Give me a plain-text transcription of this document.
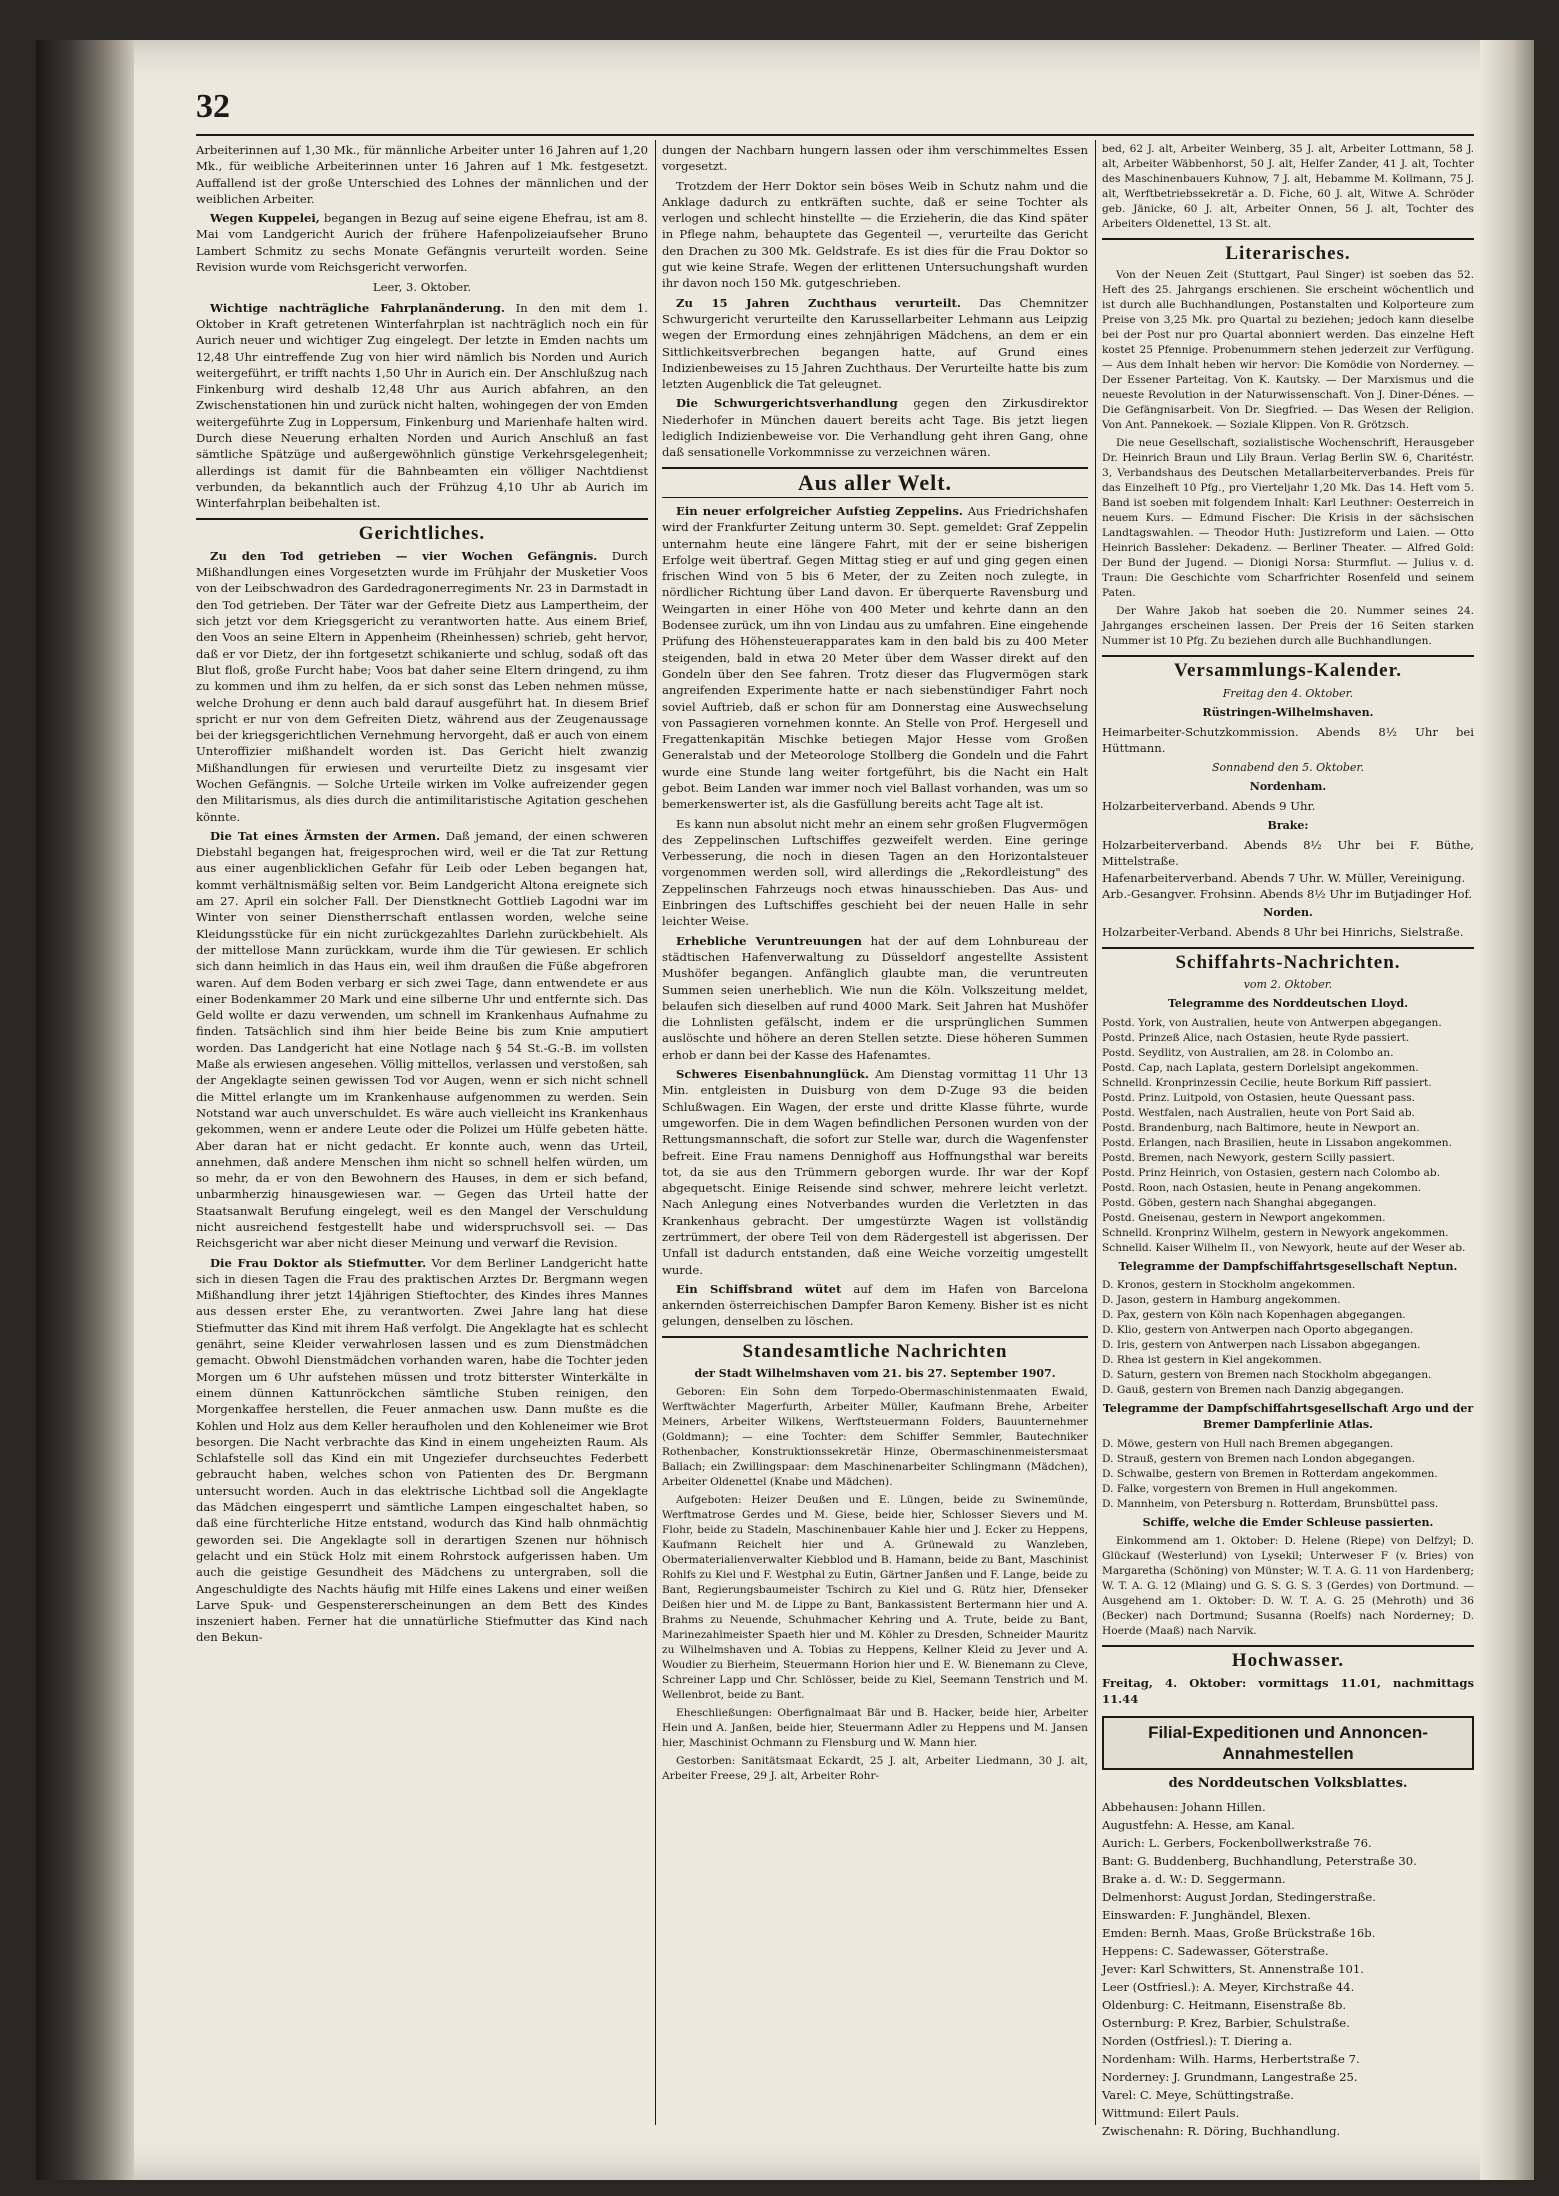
32

Arbeiterinnen auf 1,30 Mk., für männliche Arbeiter unter 16 Jahren auf 1,20 Mk., für weibliche Arbeiterinnen unter 16 Jahren auf 1 Mk. festgesetzt. Auffallend ist der große Unterschied des Lohnes der männlichen und der weiblichen Arbeiter.

Wegen Kuppelei, begangen in Bezug auf seine eigene Ehefrau, ist am 8. Mai vom Landgericht Aurich der frühere Hafenpolizeiaufseher Bruno Lambert Schmitz zu sechs Monate Gefängnis verurteilt worden. Seine Revision wurde vom Reichsgericht verworfen.

Leer, 3. Oktober.

Wichtige nachträgliche Fahrplanänderung. In den mit dem 1. Oktober in Kraft getretenen Winterfahrplan ist nachträglich noch ein für Aurich neuer und wichtiger Zug eingelegt. Der letzte in Emden nachts um 12,48 Uhr eintreffende Zug von hier wird nämlich bis Norden und Aurich weitergeführt, er trifft nachts 1,50 Uhr in Aurich ein. Der Anschlußzug nach Finkenburg wird deshalb 12,48 Uhr aus Aurich abfahren, an den Zwischenstationen hin und zurück nicht halten, wohingegen der von Emden weitergeführte Zug in Loppersum, Finkenburg und Marienhafe halten wird. Durch diese Neuerung erhalten Norden und Aurich Anschluß an fast sämtliche Spätzüge und außergewöhnlich günstige Verkehrsgelegenheit; allerdings ist damit für die Bahnbeamten ein völliger Nachtdienst verbunden, da bekanntlich auch der Frühzug 4,10 Uhr ab Aurich im Winterfahrplan beibehalten ist.

Gerichtliches.

Zu den Tod getrieben — vier Wochen Gefängnis. Durch Mißhandlungen eines Vorgesetzten wurde im Frühjahr der Musketier Voos von der Leibschwadron des Gardedragonerregiments Nr. 23 in Darmstadt in den Tod getrieben. Der Täter war der Gefreite Dietz aus Lampertheim, der sich jetzt vor dem Kriegsgericht zu verantworten hatte. Aus einem Brief, den Voos an seine Eltern in Appenheim (Rheinhessen) schrieb, geht hervor, daß er vor Dietz, der ihn fortgesetzt schikanierte und schlug, sodaß oft das Blut floß, große Furcht habe; Voos bat daher seine Eltern dringend, zu ihm zu kommen und ihm zu helfen, da er sich sonst das Leben nehmen müsse, welche Drohung er denn auch bald darauf ausgeführt hat. In diesem Brief spricht er nur von dem Gefreiten Dietz, während aus der Zeugenaussage bei der kriegsgerichtlichen Vernehmung hervorgeht, daß er auch von einem Unteroffizier mißhandelt worden ist. Das Gericht hielt zwanzig Mißhandlungen für erwiesen und verurteilte Dietz zu insgesamt vier Wochen Gefängnis. — Solche Urteile wirken im Volke aufreizender gegen den Militarismus, als dies durch die antimilitaristische Agitation geschehen könnte.

Die Tat eines Ärmsten der Armen. Daß jemand, der einen schweren Diebstahl begangen hat, freigesprochen wird, weil er die Tat zur Rettung aus einer augenblicklichen Gefahr für Leib oder Leben begangen hat, kommt verhältnismäßig selten vor. Beim Landgericht Altona ereignete sich am 27. April ein solcher Fall. Der Dienstknecht Gottlieb Lagodni war im Winter von seiner Dienstherrschaft entlassen worden, welche seine Kleidungsstücke für ein nicht zurückgezahltes Darlehn zurückbehielt. Als der mittellose Mann zurückkam, wurde ihm die Tür gewiesen. Er schlich sich dann heimlich in das Haus ein, weil ihm draußen die Füße abgefroren waren. Auf dem Boden verbarg er sich zwei Tage, dann entwendete er aus einer Bodenkammer 20 Mark und eine silberne Uhr und entfernte sich. Das Geld wollte er dazu verwenden, um schnell im Krankenhaus Aufnahme zu finden. Tatsächlich sind ihm hier beide Beine bis zum Knie amputiert worden. Das Landgericht hat eine Notlage nach § 54 St.-G.-B. im vollsten Maße als erwiesen angesehen. Völlig mittellos, verlassen und verstoßen, sah der Angeklagte seinen gewissen Tod vor Augen, wenn er sich nicht schnell die Mittel erlangte um im Krankenhause aufgenommen zu werden. Sein Notstand war auch unverschuldet. Es wäre auch vielleicht ins Krankenhaus gekommen, wenn er andere Leute oder die Polizei um Hülfe gebeten hätte. Aber daran hat er nicht gedacht. Er konnte auch, wenn das Urteil, annehmen, daß andere Menschen ihm nicht so schnell helfen würden, um so mehr, da er von den Bewohnern des Hauses, in dem er sich befand, unbarmherzig hinausgewiesen war. — Gegen das Urteil hatte der Staatsanwalt Berufung eingelegt, weil es den Mangel der Verschuldung nicht ausreichend festgestellt habe und widerspruchsvoll sei. — Das Reichsgericht war aber nicht dieser Meinung und verwarf die Revision.

Die Frau Doktor als Stiefmutter. Vor dem Berliner Landgericht hatte sich in diesen Tagen die Frau des praktischen Arztes Dr. Bergmann wegen Mißhandlung ihrer jetzt 14jährigen Stieftochter, des Kindes ihres Mannes aus dessen erster Ehe, zu verantworten. Zwei Jahre lang hat diese Stiefmutter das Kind mit ihrem Haß verfolgt. Die Angeklagte hat es schlecht genährt, seine Kleider verwahrlosen lassen und es zum Dienstmädchen gemacht. Obwohl Dienstmädchen vorhanden waren, habe die Tochter jeden Morgen um 6 Uhr aufstehen müssen und trotz bitterster Winterkälte in einem dünnen Kattunröckchen sämtliche Stuben reinigen, den Morgenkaffee herstellen, die Feuer anmachen usw. Dann mußte es die Kohlen und Holz aus dem Keller heraufholen und den Kohleneimer wie Brot besorgen. Die Nacht verbrachte das Kind in einem ungeheizten Raum. Als Schlafstelle soll das Kind ein mit Ungeziefer durchseuchtes Federbett gebraucht haben, welches schon von Patienten des Dr. Bergmann untersucht worden. Auch in das elektrische Lichtbad soll die Angeklagte das Mädchen eingesperrt und sämtliche Lampen eingeschaltet haben, so daß eine fürchterliche Hitze entstand, wodurch das Kind halb ohnmächtig geworden sei. Die Angeklagte soll in derartigen Szenen nur höhnisch gelacht und ein Stück Holz mit einem Rohrstock aufgerissen haben. Um auch die geistige Gesundheit des Mädchens zu untergraben, soll die Angeschuldigte des Nachts häufig mit Hilfe eines Lakens und einer weißen Larve Spuk- und Gespenstererscheinungen an dem Bett des Kindes inszeniert haben. Ferner hat die unnatürliche Stiefmutter das Kind nach den Bekun-

dungen der Nachbarn hungern lassen oder ihm verschimmeltes Essen vorgesetzt.

Trotzdem der Herr Doktor sein böses Weib in Schutz nahm und die Anklage dadurch zu entkräften suchte, daß er seine Tochter als verlogen und schlecht hinstellte — die Erzieherin, die das Kind später in Pflege nahm, behauptete das Gegenteil —, verurteilte das Gericht den Drachen zu 300 Mk. Geldstrafe. Es ist dies für die Frau Doktor so gut wie keine Strafe. Wegen der erlittenen Untersuchungshaft wurden ihr davon noch 150 Mk. gutgeschrieben.

Zu 15 Jahren Zuchthaus verurteilt. Das Chemnitzer Schwurgericht verurteilte den Karussellarbeiter Lehmann aus Leipzig wegen der Ermordung eines zehnjährigen Mädchens, an dem er ein Sittlichkeitsverbrechen begangen hatte, auf Grund eines Indizienbeweises zu 15 Jahren Zuchthaus. Der Verurteilte hatte bis zum letzten Augenblick die Tat geleugnet.

Die Schwurgerichtsverhandlung gegen den Zirkusdirektor Niederhofer in München dauert bereits acht Tage. Bis jetzt liegen lediglich Indizienbeweise vor. Die Verhandlung geht ihren Gang, ohne daß sensationelle Vorkommnisse zu verzeichnen wären.

Aus aller Welt.

Ein neuer erfolgreicher Aufstieg Zeppelins. Aus Friedrichshafen wird der Frankfurter Zeitung unterm 30. Sept. gemeldet: Graf Zeppelin unternahm heute eine längere Fahrt, mit der er seine bisherigen Erfolge weit übertraf. Gegen Mittag stieg er auf und ging gegen einen frischen Wind von 5 bis 6 Meter, der zu Zeiten noch zulegte, in nördlicher Richtung über Land davon. Er überquerte Ravensburg und Weingarten in einer Höhe von 400 Meter und kehrte dann an den Bodensee zurück, um ihn von Lindau aus zu umfahren. Eine eingehende Prüfung des Höhensteuerapparates kam in den bald bis zu 400 Meter steigenden, bald in etwa 20 Meter über dem Wasser direkt auf den Gondeln über den See fahren. Trotz dieser das Flugvermögen stark angreifenden Experimente hatte er nach siebenstündiger Fahrt noch soviel Auftrieb, daß er schon für am Donnerstag eine Auswechselung von Passagieren vornehmen konnte. An Stelle von Prof. Hergesell und Fregattenkapitän Mischke betiegen Major Hesse vom Großen Generalstab und der Meteorologe Stollberg die Gondeln und die Fahrt wurde eine Stunde lang weiter fortgeführt, bis die Nacht ein Halt gebot. Beim Landen war immer noch viel Ballast vorhanden, was um so bemerkenswerter ist, als die Gasfüllung bereits acht Tage alt ist.

Es kann nun absolut nicht mehr an einem sehr großen Flugvermögen des Zeppelinschen Luftschiffes gezweifelt werden. Eine geringe Verbesserung, die noch in diesen Tagen an den Horizontalsteuer vorgenommen werden soll, wird allerdings die „Rekordleistung" des Zeppelinschen Fahrzeugs noch etwas hinausschieben. Das Aus- und Einbringen des Luftschiffes geschieht bei der neuen Halle in sehr leichter Weise.

Erhebliche Veruntreuungen hat der auf dem Lohnbureau der städtischen Hafenverwaltung zu Düsseldorf angestellte Assistent Mushöfer begangen. Anfänglich glaubte man, die veruntreuten Summen seien unerheblich. Wie nun die Köln. Volkszeitung meldet, belaufen sich dieselben auf rund 4000 Mark. Seit Jahren hat Mushöfer die Lohnlisten gefälscht, indem er die ursprünglichen Summen auslöschte und höhere an deren Stellen setzte. Diese höheren Summen erhob er dann bei der Kasse des Hafenamtes.

Schweres Eisenbahnunglück. Am Dienstag vormittag 11 Uhr 13 Min. entgleisten in Duisburg von dem D-Zuge 93 die beiden Schlußwagen. Ein Wagen, der erste und dritte Klasse führte, wurde umgeworfen. Die in dem Wagen befindlichen Personen wurden von der Rettungsmannschaft, die sofort zur Stelle war, durch die Wagenfenster befreit. Eine Frau namens Dennighoff aus Hoffnungsthal war bereits tot, da sie aus den Trümmern geborgen wurde. Ihr war der Kopf abgequetscht. Einige Reisende sind schwer, mehrere leicht verletzt. Nach Anlegung eines Notverbandes wurden die Verletzten in das Krankenhaus gebracht. Der umgestürzte Wagen ist vollständig zertrümmert, der obere Teil von dem Rädergestell ist abgerissen. Der Unfall ist dadurch entstanden, daß eine Weiche vorzeitig umgestellt wurde.

Ein Schiffsbrand wütet auf dem im Hafen von Barcelona ankernden österreichischen Dampfer Baron Kemeny. Bisher ist es nicht gelungen, denselben zu löschen.

Standesamtliche Nachrichten
der Stadt Wilhelmshaven vom 21. bis 27. September 1907.

Geboren: Ein Sohn dem Torpedo-Obermaschinistenmaaten Ewald, Werftwächter Magerfurth, Arbeiter Müller, Kaufmann Brehe, Arbeiter Meiners, Arbeiter Wilkens, Werftsteuermann Folders, Bauunternehmer (Goldmann); — eine Tochter: dem Schiffer Semmler, Bautechniker Rothenbacher, Konstruktionssekretär Hinze, Obermaschinenmeistersmaat Ballach; ein Zwillingspaar: dem Maschinenarbeiter Schlingmann (Mädchen), Arbeiter Oldenettel (Knabe und Mädchen).

Aufgeboten: Heizer Deußen und E. Lüngen, beide zu Swinemünde, Werftmatrose Gerdes und M. Giese, beide hier, Schlosser Sievers und M. Flohr, beide zu Stadeln, Maschinenbauer Kahle hier und J. Ecker zu Heppens, Kaufmann Reichelt hier und A. Grünewald zu Wanzleben, Obermaterialienverwalter Kiebblod und B. Hamann, beide zu Bant, Maschinist Rohlfs zu Kiel und F. Westphal zu Eutin, Gärtner Janßen und F. Lange, beide zu Bant, Regierungsbaumeister Tschirch zu Kiel und G. Rütz hier, Dfenseker Deißen hier und M. de Lippe zu Bant, Bankassistent Bertermann hier und A. Brahms zu Neuende, Schuhmacher Kehring und A. Trute, beide zu Bant, Marinezahlmeister Spaeth hier und M. Köhler zu Dresden, Schneider Mauritz zu Wilhelmshaven und A. Tobias zu Heppens, Kellner Kleid zu Jever und A. Woudier zu Bierheim, Steuermann Horion hier und E. W. Bienemann zu Cleve, Schreiner Lapp und Chr. Schlösser, beide zu Kiel, Seemann Tenstrich und M. Wellenbrot, beide zu Bant.

Eheschließungen: Oberfignalmaat Bär und B. Hacker, beide hier, Arbeiter Hein und A. Janßen, beide hier, Steuermann Adler zu Heppens und M. Jansen hier, Maschinist Ochmann zu Flensburg und W. Mann hier.

Gestorben: Sanitätsmaat Eckardt, 25 J. alt, Arbeiter Liedmann, 30 J. alt, Arbeiter Freese, 29 J. alt, Arbeiter Rohr-

bed, 62 J. alt, Arbeiter Weinberg, 35 J. alt, Arbeiter Lottmann, 58 J. alt, Arbeiter Wäbbenhorst, 50 J. alt, Helfer Zander, 41 J. alt, Tochter des Maschinenbauers Kuhnow, 7 J. alt, Hebamme M. Kollmann, 75 J. alt, Werftbetriebssekretär a. D. Fiche, 60 J. alt, Witwe A. Schröder geb. Jänicke, 60 J. alt, Arbeiter Onnen, 56 J. alt, Tochter des Arbeiters Oldenettel, 13 St. alt.

Literarisches.

Von der Neuen Zeit (Stuttgart, Paul Singer) ist soeben das 52. Heft des 25. Jahrgangs erschienen. Sie erscheint wöchentlich und ist durch alle Buchhandlungen, Postanstalten und Kolporteure zum Preise von 3,25 Mk. pro Quartal zu beziehen; jedoch kann dieselbe bei der Post nur pro Quartal abonniert werden. Das einzelne Heft kostet 25 Pfennige. Probenummern stehen jederzeit zur Verfügung. — Aus dem Inhalt heben wir hervor: Die Komödie von Norderney. — Der Essener Parteitag. Von K. Kautsky. — Der Marxismus und die neueste Revolution in der Naturwissenschaft. Von J. Diner-Dénes. — Die Gefängnisarbeit. Von Dr. Siegfried. — Das Wesen der Religion. Von Ant. Pannekoek. — Soziale Klippen. Von R. Grötzsch.

Die neue Gesellschaft, sozialistische Wochenschrift, Herausgeber Dr. Heinrich Braun und Lily Braun. Verlag Berlin SW. 6, Charitéstr. 3, Verbandshaus des Deutschen Metallarbeiterverbandes. Preis für das Einzelheft 10 Pfg., pro Vierteljahr 1,20 Mk. Das 14. Heft vom 5. Band ist soeben mit folgendem Inhalt: Karl Leuthner: Oesterreich in neuem Kurs. — Edmund Fischer: Die Krisis in der sächsischen Landtagswahlen. — Theodor Huth: Justizreform und Laien. — Otto Heinrich Bassleher: Dekadenz. — Berliner Theater. — Alfred Gold: Der Bund der Jugend. — Dionigi Norsa: Sturmflut. — Julius v. d. Traun: Die Geschichte vom Scharfrichter Rosenfeld und seinem Paten.

Der Wahre Jakob hat soeben die 20. Nummer seines 24. Jahrganges erscheinen lassen. Der Preis der 16 Seiten starken Nummer ist 10 Pfg. Zu beziehen durch alle Buchhandlungen.

Versammlungs-Kalender.
Freitag den 4. Oktober.
Rüstringen-Wilhelmshaven.
Heimarbeiter-Schutzkommission. Abends 8½ Uhr bei Hüttmann.
Sonnabend den 5. Oktober.
Nordenham.
Holzarbeiterverband. Abends 9 Uhr.
Brake:
Holzarbeiterverband. Abends 8½ Uhr bei F. Büthe, Mittelstraße.
Hafenarbeiterverband. Abends 7 Uhr. W. Müller, Vereinigung.
Arb.-Gesangver. Frohsinn. Abends 8½ Uhr im Butjadinger Hof.
Norden.
Holzarbeiter-Verband. Abends 8 Uhr bei Hinrichs, Sielstraße.
Schiffahrts-Nachrichten.
vom 2. Oktober.
Telegramme des Norddeutschen Lloyd.
Postd. York, von Australien, heute von Antwerpen abgegangen.
Postd. Prinzeß Alice, nach Ostasien, heute Ryde passiert.
Postd. Seydlitz, von Australien, am 28. in Colombo an.
Postd. Cap, nach Laplata, gestern Dorlelsipt angekommen.
Schnelld. Kronprinzessin Cecilie, heute Borkum Riff passiert.
Postd. Prinz. Luitpold, von Ostasien, heute Quessant pass.
Postd. Westfalen, nach Australien, heute von Port Said ab.
Postd. Brandenburg, nach Baltimore, heute in Newport an.
Postd. Erlangen, nach Brasilien, heute in Lissabon angekommen.
Postd. Bremen, nach Newyork, gestern Scilly passiert.
Postd. Prinz Heinrich, von Ostasien, gestern nach Colombo ab.
Postd. Roon, nach Ostasien, heute in Penang angekommen.
Postd. Göben, gestern nach Shanghai abgegangen.
Postd. Gneisenau, gestern in Newport angekommen.
Schnelld. Kronprinz Wilhelm, gestern in Newyork angekommen.
Schnelld. Kaiser Wilhelm II., von Newyork, heute auf der Weser ab.
Telegramme der Dampfschiffahrtsgesellschaft Neptun.
D. Kronos, gestern in Stockholm angekommen.
D. Jason, gestern in Hamburg angekommen.
D. Pax, gestern von Köln nach Kopenhagen abgegangen.
D. Klio, gestern von Antwerpen nach Oporto abgegangen.
D. Iris, gestern von Antwerpen nach Lissabon abgegangen.
D. Rhea ist gestern in Kiel angekommen.
D. Saturn, gestern von Bremen nach Stockholm abgegangen.
D. Gauß, gestern von Bremen nach Danzig abgegangen.
Telegramme der Dampfschiffahrtsgesellschaft Argo und der Bremer Dampferlinie Atlas.
D. Möwe, gestern von Hull nach Bremen abgegangen.
D. Strauß, gestern von Bremen nach London abgegangen.
D. Schwalbe, gestern von Bremen in Rotterdam angekommen.
D. Falke, vorgestern von Bremen in Hull angekommen.
D. Mannheim, von Petersburg n. Rotterdam, Brunsbüttel pass.
Schiffe, welche die Emder Schleuse passierten.

Einkommend am 1. Oktober: D. Helene (Riepe) von Delfzyl; D. Glückauf (Westerlund) von Lysekil; Unterweser F (v. Bries) von Margaretha (Schöning) von Münster; W. T. A. G. 11 von Hardenberg; W. T. A. G. 12 (Mlaing) und G. S. G. S. 3 (Gerdes) von Dortmund. — Ausgehend am 1. Oktober: D. W. T. A. G. 25 (Mehroth) und 36 (Becker) nach Dortmund; Susanna (Roelfs) nach Norderney; D. Hoerde (Maaß) nach Narvik.

Hochwasser.

Freitag, 4. Oktober: vormittags 11.01, nachmittags 11.44

Filial-Expeditionen und Annoncen-Annahmestellen
des Norddeutschen Volksblattes.
Abbehausen: Johann Hillen.
Augustfehn: A. Hesse, am Kanal.
Aurich: L. Gerbers, Fockenbollwerkstraße 76.
Bant: G. Buddenberg, Buchhandlung, Peterstraße 30.
Brake a. d. W.: D. Seggermann.
Delmenhorst: August Jordan, Stedingerstraße.
Einswarden: F. Junghändel, Blexen.
Emden: Bernh. Maas, Große Brückstraße 16b.
Heppens: C. Sadewasser, Göterstraße.
Jever: Karl Schwitters, St. Annenstraße 101.
Leer (Ostfriesl.): A. Meyer, Kirchstraße 44.
Oldenburg: C. Heitmann, Eisenstraße 8b.
Osternburg: P. Krez, Barbier, Schulstraße.
Norden (Ostfriesl.): T. Diering a.
Nordenham: Wilh. Harms, Herbertstraße 7.
Norderney: J. Grundmann, Langestraße 25.
Varel: C. Meye, Schüttingstraße.
Wittmund: Eilert Pauls.
Zwischenahn: R. Döring, Buchhandlung.
